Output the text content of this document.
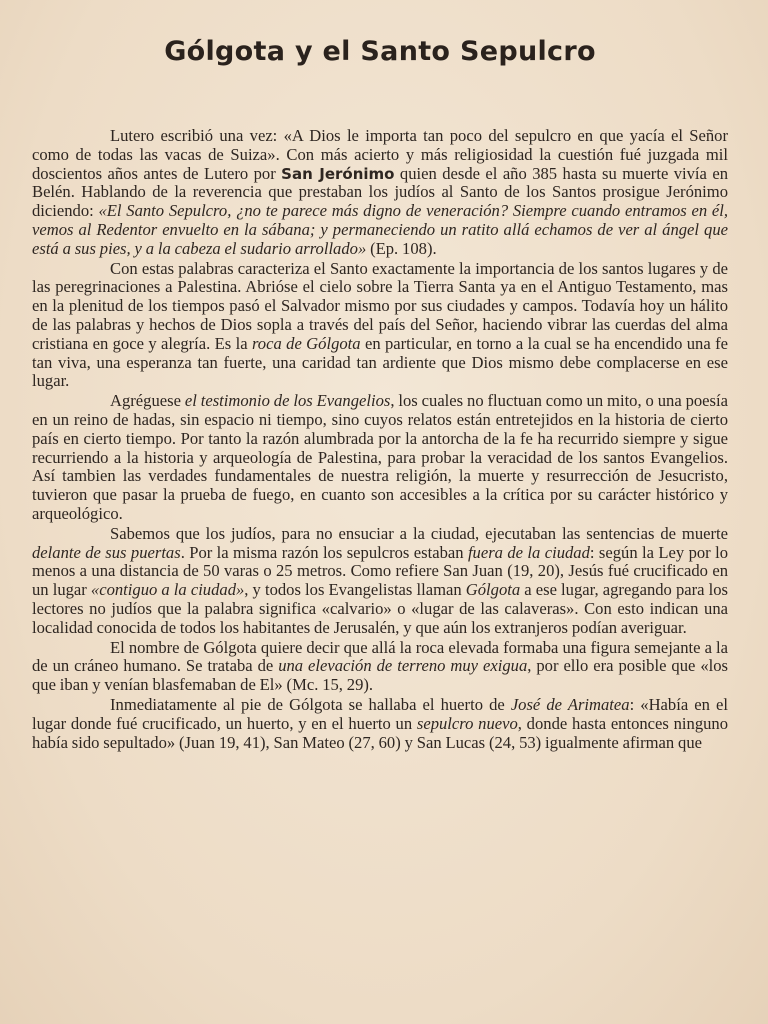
Gólgota y el Santo Sepulcro

Lutero escribió una vez: «A Dios le importa tan poco del sepulcro en que yacía el Señor como de todas las vacas de Suiza». Con más acierto y más religiosidad la cuestión fué juzgada mil doscientos años antes de Lutero por San Jerónimo quien desde el año 385 hasta su muerte vivía en Belén. Hablando de la reverencia que prestaban los judíos al Santo de los Santos prosigue Jerónimo diciendo: «El Santo Sepulcro, ¿no te parece más digno de veneración? Siempre cuando entramos en él, vemos al Redentor envuelto en la sábana; y permaneciendo un ratito allá echamos de ver al ángel que está a sus pies, y a la cabeza el sudario arrollado» (Ep. 108).

Con estas palabras caracteriza el Santo exactamente la importancia de los santos lugares y de las peregrinaciones a Palestina. Abrióse el cielo sobre la Tierra Santa ya en el Antiguo Testamento, mas en la plenitud de los tiempos pasó el Salvador mismo por sus ciudades y campos. Todavía hoy un hálito de las palabras y hechos de Dios sopla a través del país del Señor, haciendo vibrar las cuerdas del alma cristiana en goce y alegría. Es la roca de Gólgota en particular, en torno a la cual se ha encendido una fe tan viva, una esperanza tan fuerte, una caridad tan ardiente que Dios mismo debe complacerse en ese lugar.

Agréguese el testimonio de los Evangelios, los cuales no fluctuan como un mito, o una poesía en un reino de hadas, sin espacio ni tiempo, sino cuyos relatos están entretejidos en la historia de cierto país en cierto tiempo. Por tanto la razón alumbrada por la antorcha de la fe ha recurrido siempre y sigue recurriendo a la historia y arqueología de Palestina, para probar la veracidad de los santos Evangelios. Así tambien las verdades fundamentales de nuestra religión, la muerte y resurrección de Jesucristo, tuvieron que pasar la prueba de fuego, en cuanto son accesibles a la crítica por su carácter histórico y arqueológico.

Sabemos que los judíos, para no ensuciar a la ciudad, ejecutaban las sentencias de muerte delante de sus puertas. Por la misma razón los sepulcros estaban fuera de la ciudad: según la Ley por lo menos a una distancia de 50 varas o 25 metros. Como refiere San Juan (19, 20), Jesús fué crucificado en un lugar «contiguo a la ciudad», y todos los Evangelistas llaman Gólgota a ese lugar, agregando para los lectores no judíos que la palabra significa «calvario» o «lugar de las calaveras». Con esto indican una localidad conocida de todos los habitantes de Jerusalén, y que aún los extranjeros podían averiguar.

El nombre de Gólgota quiere decir que allá la roca elevada formaba una figura semejante a la de un cráneo humano. Se trataba de una elevación de terreno muy exigua, por ello era posible que «los que iban y venían blasfemaban de El» (Mc. 15, 29).

Inmediatamente al pie de Gólgota se hallaba el huerto de José de Arimatea: «Había en el lugar donde fué crucificado, un huerto, y en el huerto un sepulcro nuevo, donde hasta entonces ninguno había sido sepultado» (Juan 19, 41), San Mateo (27, 60) y San Lucas (24, 53) igualmente afirman que
